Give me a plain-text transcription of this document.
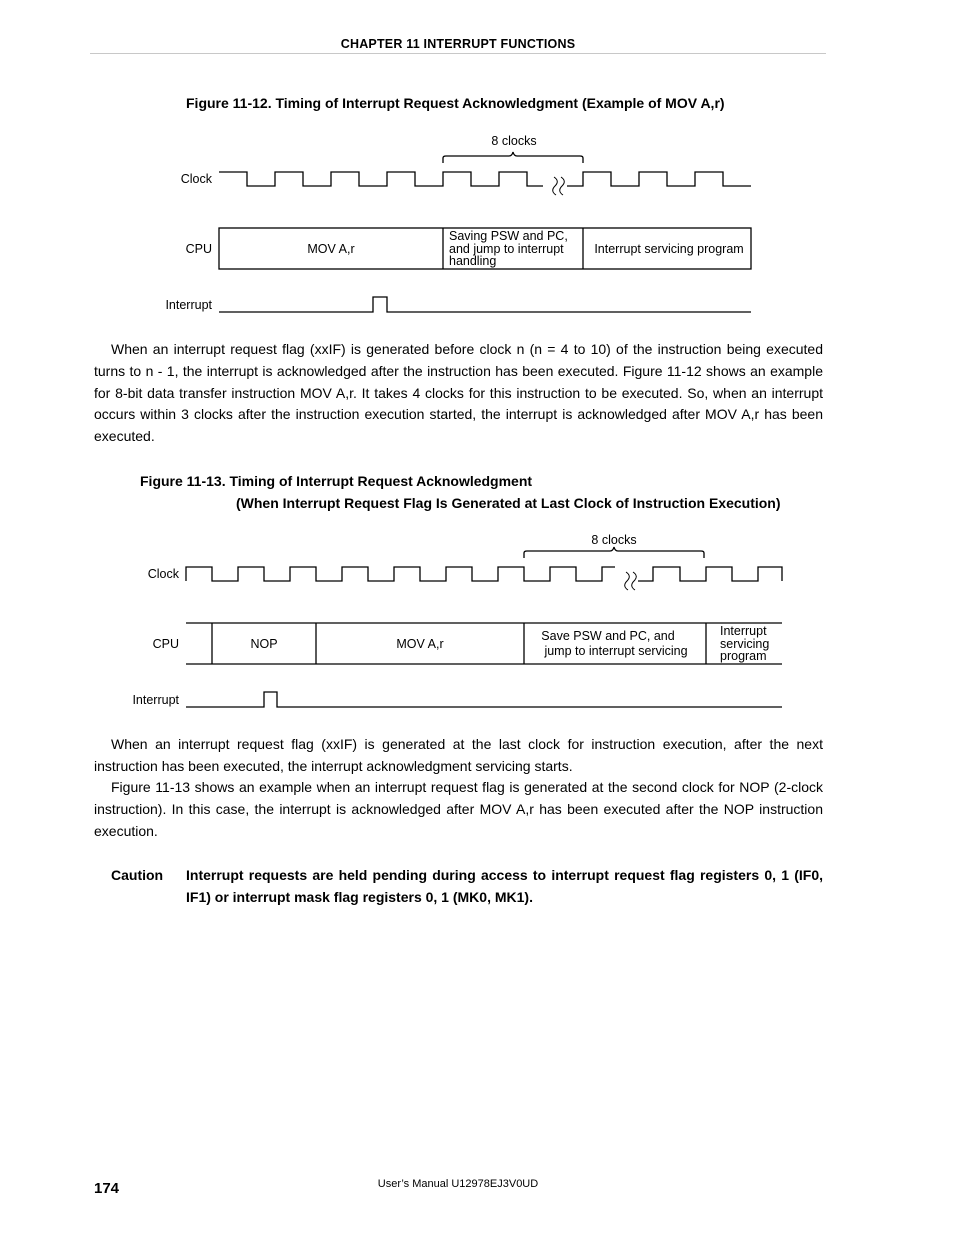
CHAPTER 11 INTERRUPT FUNCTIONS
Figure 11-12. Timing of Interrupt Request Acknowledgment (Example of MOV A,r)
8 clocks
Clock
CPU
Interrupt
MOV A,r
Saving PSW and PC,
and jump to interrupt
handling
Interrupt servicing program
8 clocks
Clock
CPU
Interrupt
NOP	MOV A,r
Save PSW and PC, and
jump to interrupt servicing
Interrupt
servicing
program
When an interrupt request flag (xxIF) is generated before clock n (n = 4 to 10) of the instruction being executed turns to n - 1, the interrupt is acknowledged after the instruction has been executed. Figure 11-12 shows an example for 8-bit data transfer instruction MOV A,r. It takes 4 clocks for this instruction to be executed. So, when an interrupt occurs within 3 clocks after the instruction execution started, the interrupt is acknowledged after MOV A,r has been executed.
Figure 11-13. Timing of Interrupt Request Acknowledgment
(When Interrupt Request Flag Is Generated at Last Clock of Instruction Execution)
When an interrupt request flag (xxIF) is generated at the last clock for instruction execution, after the next instruction has been executed, the interrupt acknowledgment servicing starts.
Figure 11-13 shows an example when an interrupt request flag is generated at the second clock for NOP (2-clock instruction). In this case, the interrupt is acknowledged after MOV A,r has been executed after the NOP instruction execution.
Caution Interrupt requests are held pending during access to interrupt request flag registers 0, 1 (IF0, IF1) or interrupt mask flag registers 0, 1 (MK0, MK1).
174	User’s Manual U12978EJ3V0UD
